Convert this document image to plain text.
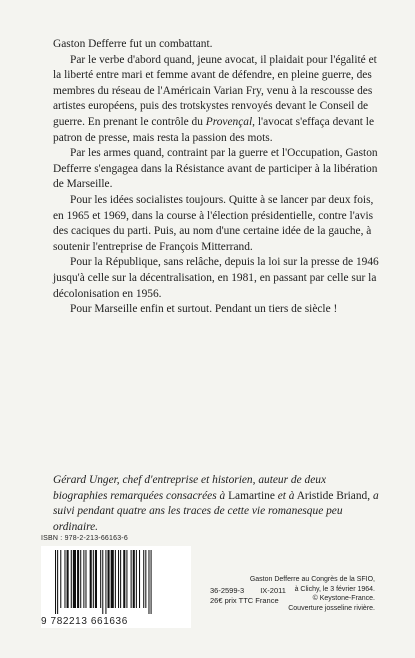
Gaston Defferre fut un combattant.

Par le verbe d'abord quand, jeune avocat, il plaidait pour l'égalité et la liberté entre mari et femme avant de défendre, en pleine guerre, des membres du réseau de l'Américain Varian Fry, venu à la rescousse des artistes européens, puis des trotskystes renvoyés devant le Conseil de guerre. En prenant le contrôle du Provençal, l'avocat s'effaça devant le patron de presse, mais resta la passion des mots.

Par les armes quand, contraint par la guerre et l'Occupation, Gaston Defferre s'engagea dans la Résistance avant de participer à la libération de Marseille.

Pour les idées socialistes toujours. Quitte à se lancer par deux fois, en 1965 et 1969, dans la course à l'élection présidentielle, contre l'avis des caciques du parti. Puis, au nom d'une certaine idée de la gauche, à soutenir l'entreprise de François Mitterrand.

Pour la République, sans relâche, depuis la loi sur la presse de 1946 jusqu'à celle sur la décentralisation, en 1981, en passant par celle sur la décolonisation en 1956.

Pour Marseille enfin et surtout. Pendant un tiers de siècle !

Gérard Unger, chef d'entreprise et historien, auteur de deux biographies remarquées consacrées à Lamartine et à Aristide Briand, a suivi pendant quatre ans les traces de cette vie romanesque peu ordinaire.
ISBN : 978-2-213-66163-6
9 782213 661636
36-2599-3 IX-2011
26€ prix TTC France
Gaston Defferre au Congrès de la SFIO,
à Clichy, le 3 février 1964.
© Keystone-France.
Couverture josseline rivière.
